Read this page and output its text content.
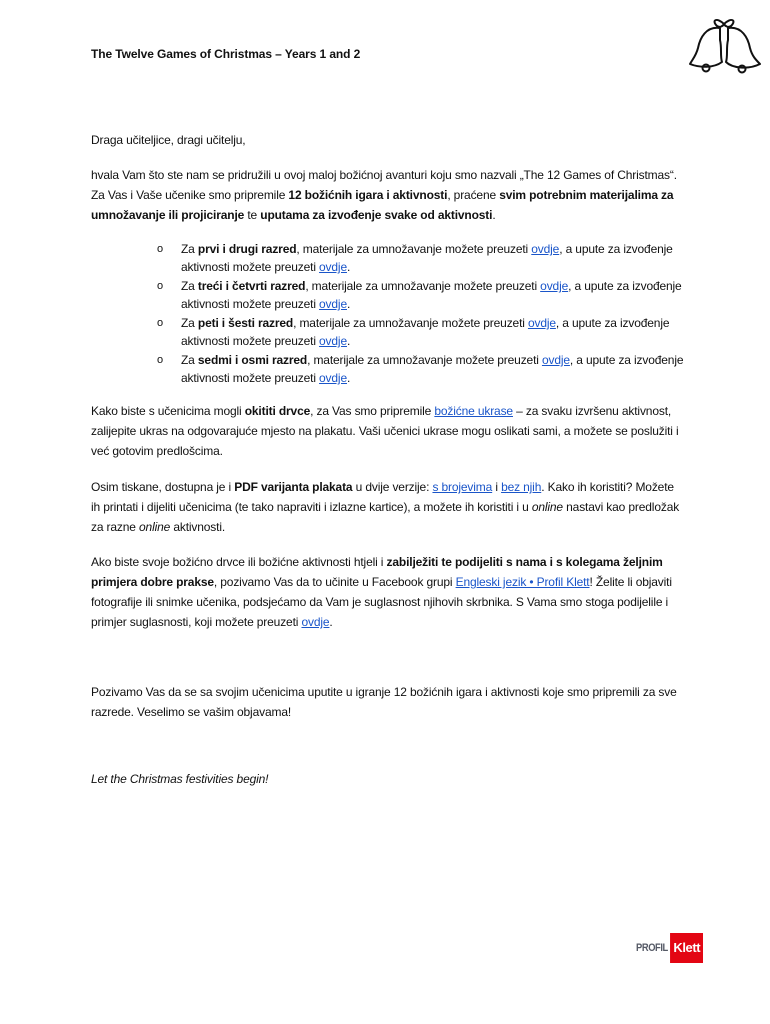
The Twelve Games of Christmas – Years 1 and 2
Draga učiteljice, dragi učitelju,
hvala Vam što ste nam se pridružili u ovoj maloj božićnoj avanturi koju smo nazvali „The 12 Games of Christmas“. Za Vas i Vaše učenike smo pripremile 12 božićnih igara i aktivnosti, praćene svim potrebnim materijalima za umnožavanje ili projiciranje te uputama za izvođenje svake od aktivnosti.
o Za prvi i drugi razred, materijale za umnožavanje možete preuzeti ovdje, a upute za izvođenje aktivnosti možete preuzeti ovdje.
o Za treći i četvrti razred, materijale za umnožavanje možete preuzeti ovdje, a upute za izvođenje aktivnosti možete preuzeti ovdje.
o Za peti i šesti razred, materijale za umnožavanje možete preuzeti ovdje, a upute za izvođenje aktivnosti možete preuzeti ovdje.
o Za sedmi i osmi razred, materijale za umnožavanje možete preuzeti ovdje, a upute za izvođenje aktivnosti možete preuzeti ovdje.
Kako biste s učenicima mogli okititi drvce, za Vas smo pripremile božićne ukrase – za svaku izvršenu aktivnost, zalijepite ukras na odgovarajuće mjesto na plakatu. Vaši učenici ukrase mogu oslikati sami, a možete se poslužiti i već gotovim predlošcima.
Osim tiskane, dostupna je i PDF varijanta plakata u dvije verzije: s brojevima i bez njih. Kako ih koristiti? Možete ih printati i dijeliti učenicima (te tako napraviti i izlazne kartice), a možete ih koristiti i u online nastavi kao predložak za razne online aktivnosti.
Ako biste svoje božićno drvce ili božićne aktivnosti htjeli i zabilježiti te podijeliti s nama i s kolegama željnim primjera dobre prakse, pozivamo Vas da to učinite u Facebook grupi Engleski jezik • Profil Klett! Želite li objaviti fotografije ili snimke učenika, podsjećamo da Vam je suglasnost njihovih skrbnika. S Vama smo stoga podijelile i primjer suglasnosti, koji možete preuzeti ovdje.
Pozivamo Vas da se sa svojim učenicima uputite u igranje 12 božićnih igara i aktivnosti koje smo pripremili za sve razrede. Veselimo se vašim objavama!
Let the Christmas festivities begin!
PROFIL Klett
